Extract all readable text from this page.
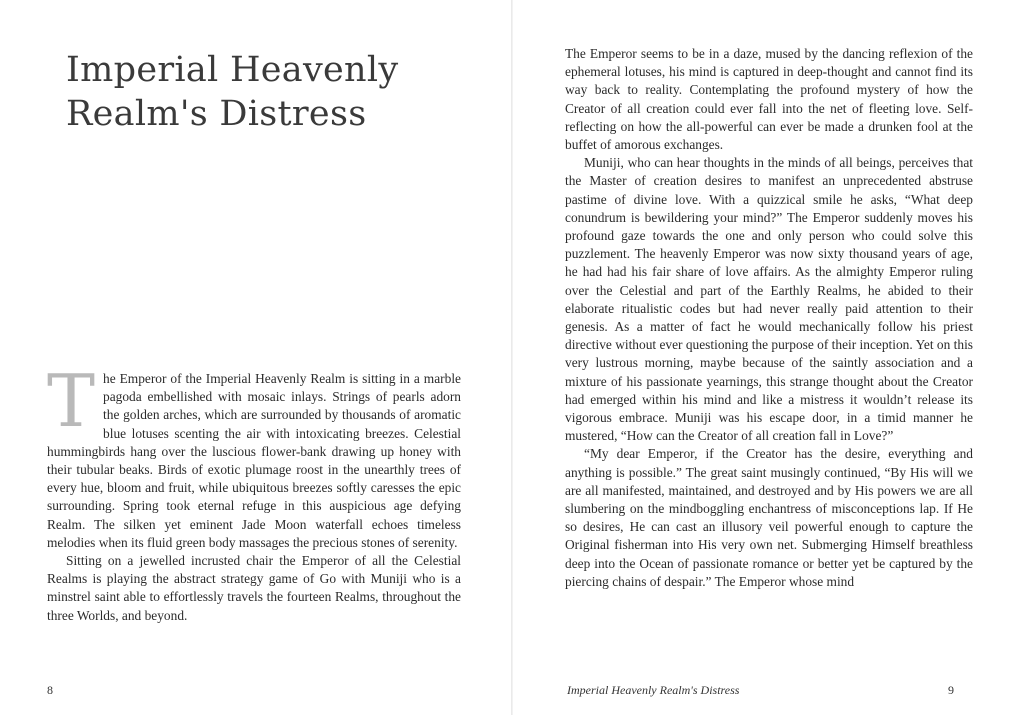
Imperial Heavenly Realm's Distress

The Emperor of the Imperial Heavenly Realm is sitting in a marble pagoda embellished with mosaic inlays. Strings of pearls adorn the golden arches, which are surrounded by thousands of aromatic blue lotuses scenting the air with intoxicating breezes. Celestial hummingbirds hang over the luscious flower-bank drawing up honey with their tubular beaks. Birds of exotic plumage roost in the unearthly trees of every hue, bloom and fruit, while ubiquitous breezes softly caresses the epic surrounding. Spring took eternal refuge in this auspicious age defying Realm. The silken yet eminent Jade Moon waterfall echoes timeless melodies when its fluid green body massages the precious stones of serenity.

Sitting on a jewelled incrusted chair the Emperor of all the Celestial Realms is playing the abstract strategy game of Go with Muniji who is a minstrel saint able to effortlessly travels the fourteen Realms, throughout the three Worlds, and beyond.

8

The Emperor seems to be in a daze, mused by the dancing reflexion of the ephemeral lotuses, his mind is captured in deep-thought and cannot find its way back to reality. Contemplating the profound mystery of how the Creator of all creation could ever fall into the net of fleeting love. Self-reflecting on how the all-powerful can ever be made a drunken fool at the buffet of amorous exchanges.

Muniji, who can hear thoughts in the minds of all beings, perceives that the Master of creation desires to manifest an unprecedented abstruse pastime of divine love. With a quizzical smile he asks, “What deep conundrum is bewildering your mind?” The Emperor suddenly moves his profound gaze towards the one and only person who could solve this puzzlement. The heavenly Emperor was now sixty thousand years of age, he had had his fair share of love affairs. As the almighty Emperor ruling over the Celestial and part of the Earthly Realms, he abided to their elaborate ritualistic codes but had never really paid attention to their genesis. As a matter of fact he would mechanically follow his priest directive without ever questioning the purpose of their inception. Yet on this very lustrous morning, maybe because of the saintly association and a mixture of his passionate yearnings, this strange thought about the Creator had emerged within his mind and like a mistress it wouldn’t release its vigorous embrace. Muniji was his escape door, in a timid manner he mustered, “How can the Creator of all creation fall in Love?”

“My dear Emperor, if the Creator has the desire, everything and anything is possible.” The great saint musingly continued, “By His will we are all manifested, maintained, and destroyed and by His powers we are all slumbering on the mindboggling enchantress of misconceptions lap. If He so desires, He can cast an illusory veil powerful enough to capture the Original fisherman into His very own net. Submerging Himself breathless deep into the Ocean of passionate romance or better yet be captured by the piercing chains of despair.” The Emperor whose mind

Imperial Heavenly Realm's Distress	9
